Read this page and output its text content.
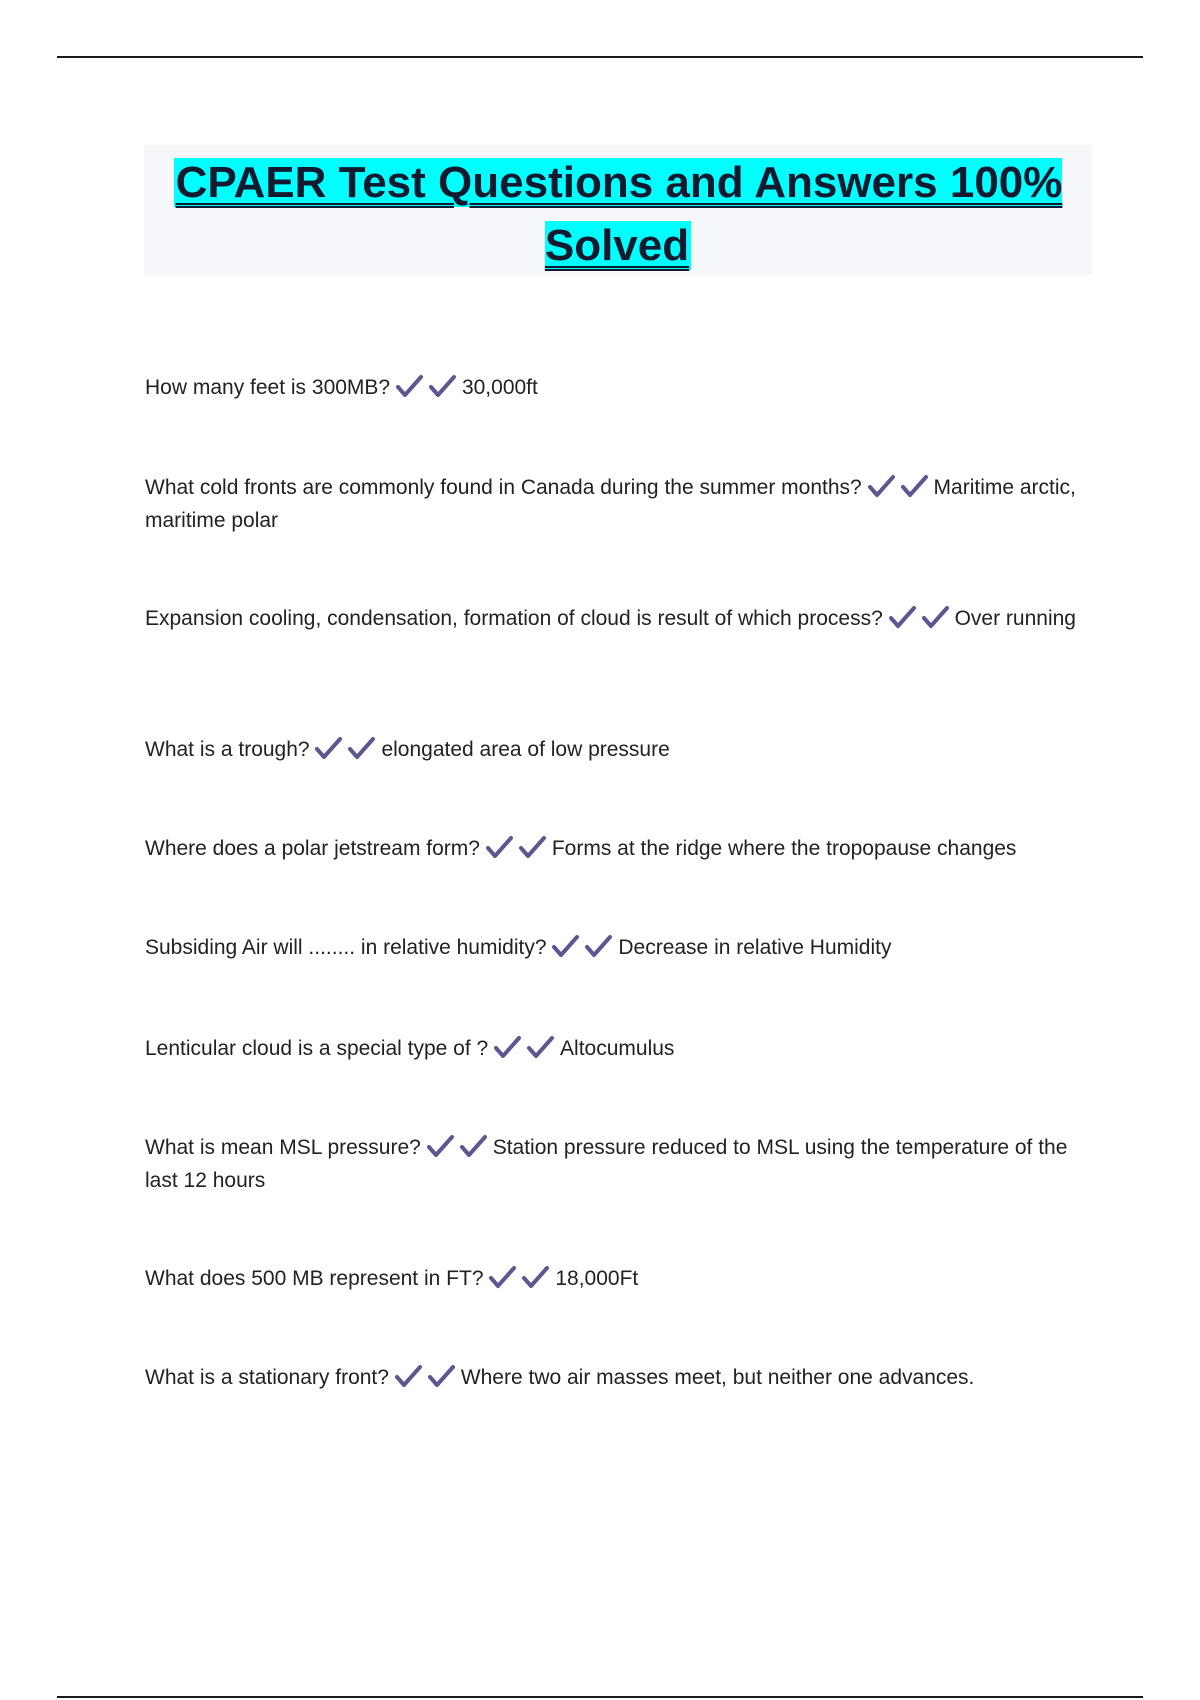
CPAER Test Questions and Answers 100% Solved

How many feet is 300MB?	30,000ft

What cold fronts are commonly found in Canada during the summer months?	Maritime arctic, maritime polar

Expansion cooling, condensation, formation of cloud is result of which process?	Over running

What is a trough?	elongated area of low pressure

Where does a polar jetstream form?	Forms at the ridge where the tropopause changes

Subsiding Air will ........ in relative humidity?	Decrease in relative Humidity

Lenticular cloud is a special type of ?	Altocumulus

What is mean MSL pressure?	Station pressure reduced to MSL using the temperature of the last 12 hours

What does 500 MB represent in FT?	18,000Ft

What is a stationary front?	Where two air masses meet, but neither one advances.
